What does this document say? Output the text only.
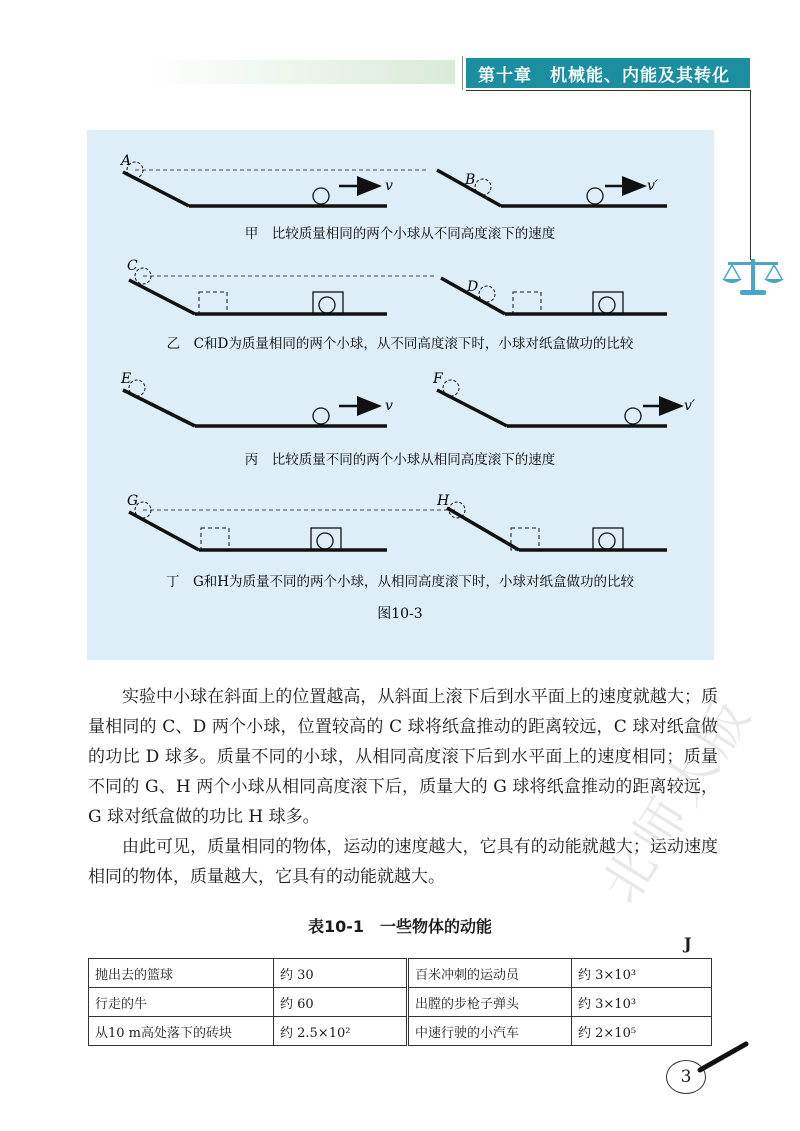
第十章　机械能、内能及其转化
A
v	B	v′
甲　比较质量相同的两个小球从不同高度滚下的速度
C
D
乙　C和D为质量相同的两个小球，从不同高度滚下时，小球对纸盒做功的比较
E
v
F
v′
丙　比较质量不同的两个小球从相同高度滚下的速度
G	H
丁　G和H为质量不同的两个小球，从相同高度滚下时，小球对纸盒做功的比较
图10-3

实验中小球在斜面上的位置越高，从斜面上滚下后到水平面上的速度就越大；质量相同的 C、D 两个小球，位置较高的 C 球将纸盒推动的距离较远，C 球对纸盒做的功比 D 球多。质量不同的小球，从相同高度滚下后到水平面上的速度相同；质量不同的 G、H 两个小球从相同高度滚下后，质量大的 G 球将纸盒推动的距离较远，G 球对纸盒做的功比 H 球多。

由此可见，质量相同的物体，运动的速度越大，它具有的动能就越大；运动速度相同的物体，质量越大，它具有的动能就越大。

表10-1　一些物体的动能
J
抛出去的篮球	约 30	百米冲刺的运动员	约 3×10³
行走的牛	约 60	出膛的步枪子弹头	约 3×10³
从10 m高处落下的砖块	约 2.5×10²	中速行驶的小汽车	约 2×10⁵
北师大版
3
